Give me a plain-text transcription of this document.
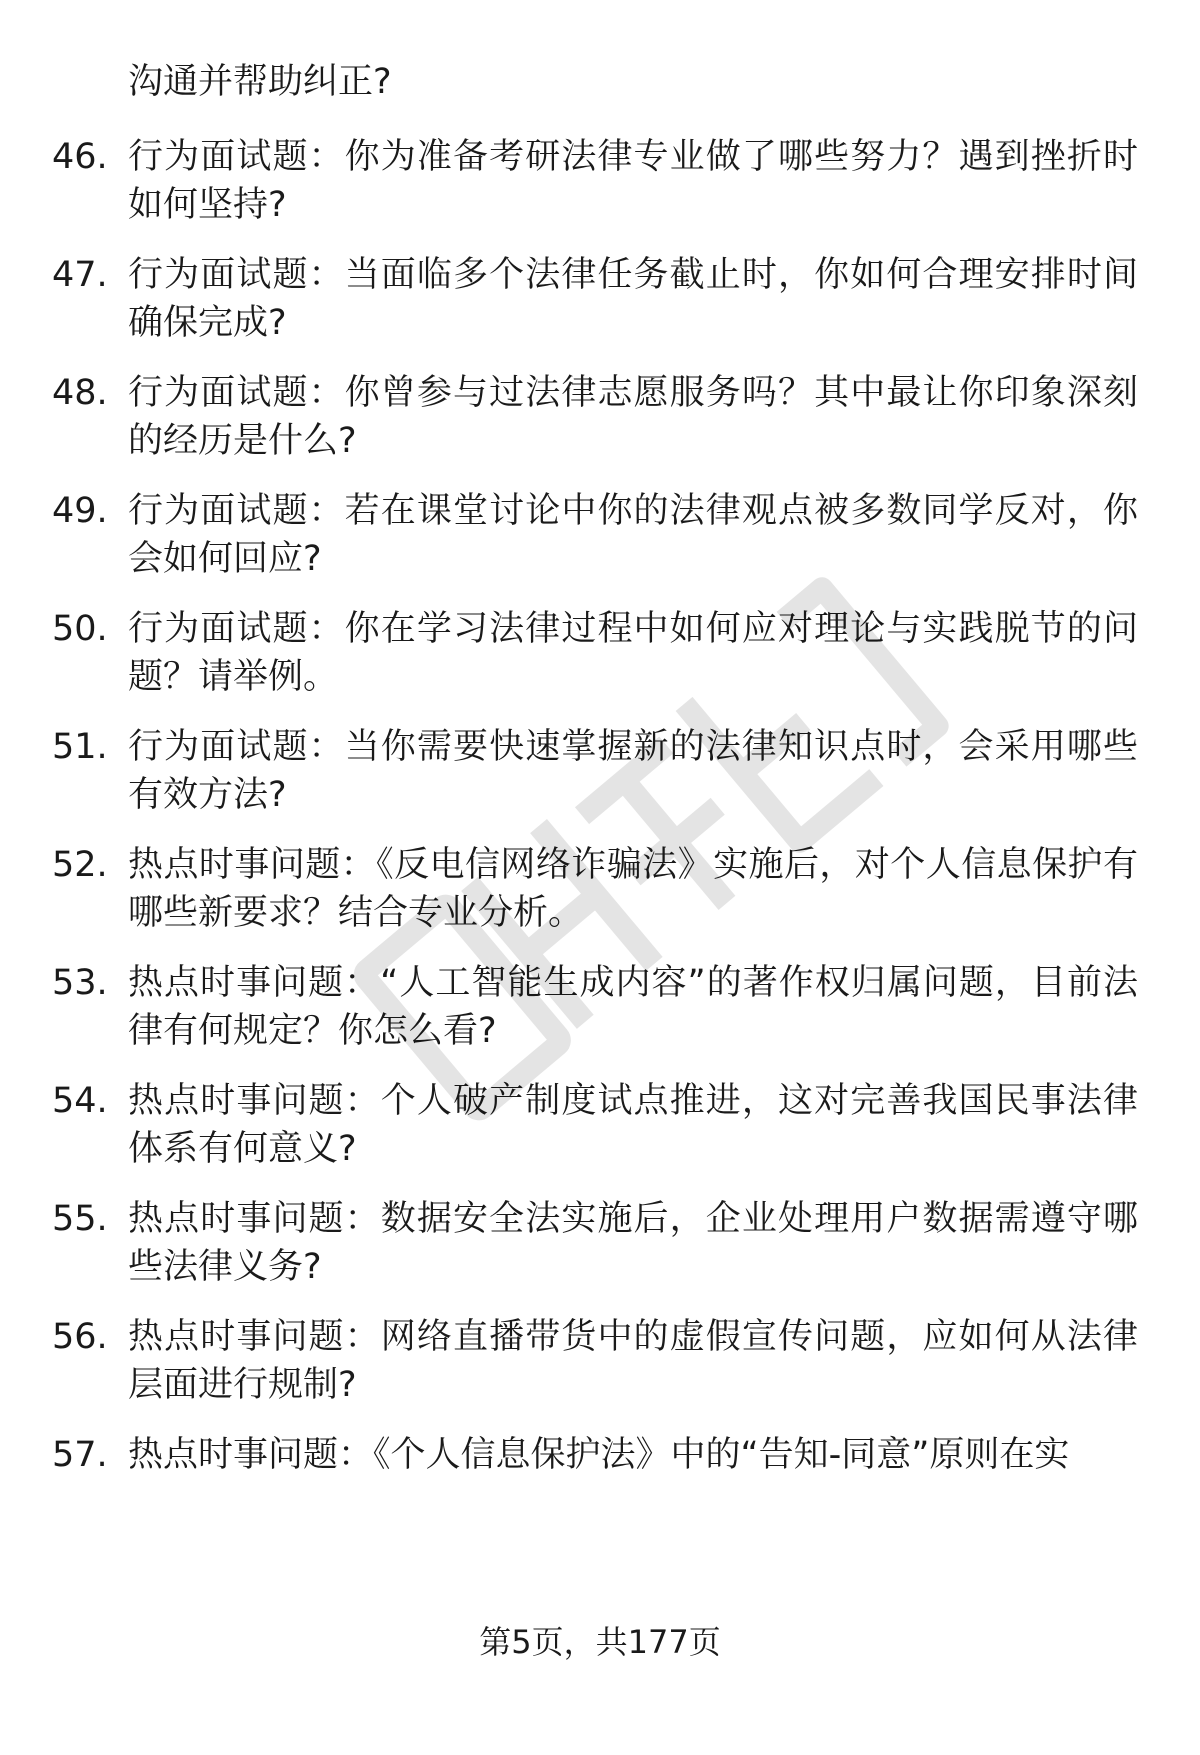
沟通并帮助纠正?

46. 行为面试题：你为准备考研法律专业做了哪些努力？遇到挫折时如何坚持?
47. 行为面试题：当面临多个法律任务截止时，你如何合理安排时间确保完成?
48. 行为面试题：你曾参与过法律志愿服务吗？其中最让你印象深刻的经历是什么?
49. 行为面试题：若在课堂讨论中你的法律观点被多数同学反对，你会如何回应?
50. 行为面试题：你在学习法律过程中如何应对理论与实践脱节的问题？请举例。
51. 行为面试题：当你需要快速掌握新的法律知识点时，会采用哪些有效方法?
52. 热点时事问题：《反电信网络诈骗法》实施后，对个人信息保护有哪些新要求？结合专业分析。
53. 热点时事问题：“人工智能生成内容”的著作权归属问题，目前法律有何规定？你怎么看?
54. 热点时事问题：个人破产制度试点推进，这对完善我国民事法律体系有何意义?
55. 热点时事问题：数据安全法实施后，企业处理用户数据需遵守哪些法律义务?
56. 热点时事问题：网络直播带货中的虚假宣传问题，应如何从法律层面进行规制?
57. 热点时事问题：《个人信息保护法》中的“告知-同意”原则在实
第5页，共177页
